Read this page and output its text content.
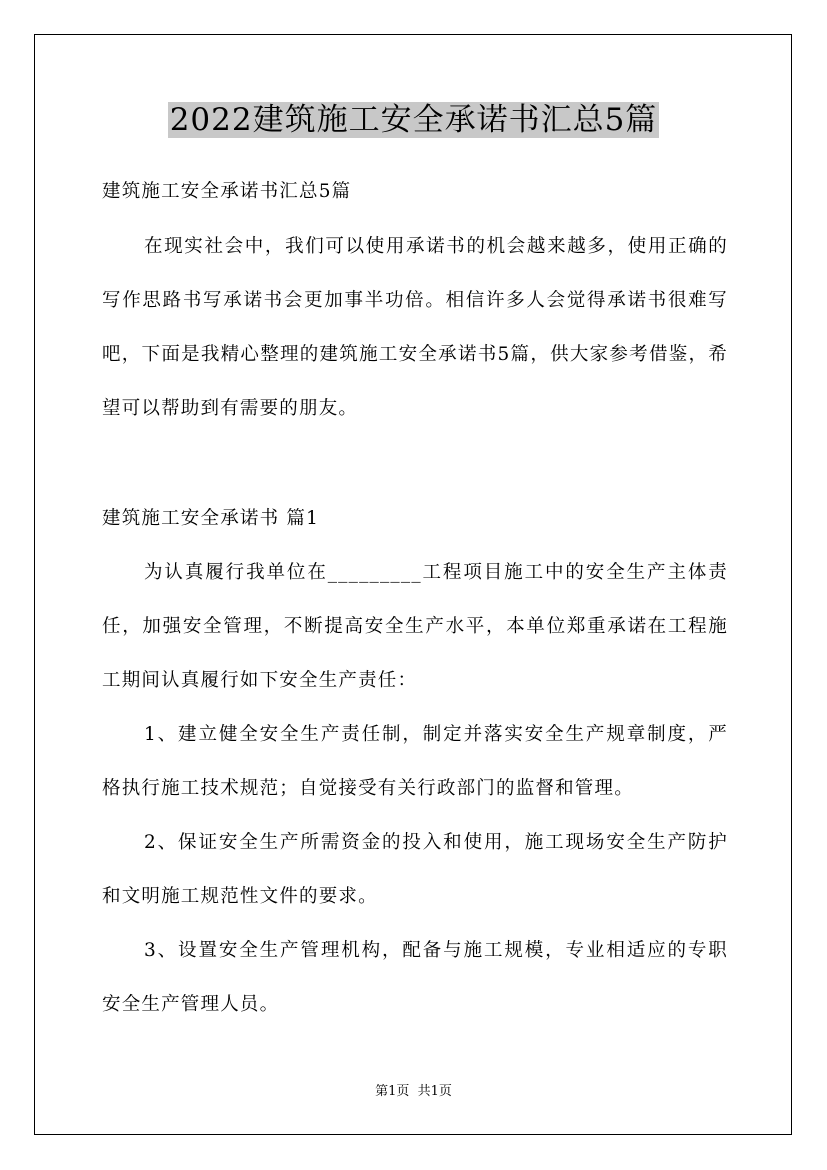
2022建筑施工安全承诺书汇总5篇
建筑施工安全承诺书汇总5篇
在现实社会中，我们可以使用承诺书的机会越来越多，使用正确的写作思路书写承诺书会更加事半功倍。相信许多人会觉得承诺书很难写吧，下面是我精心整理的建筑施工安全承诺书5篇，供大家参考借鉴，希望可以帮助到有需要的朋友。
建筑施工安全承诺书 篇1
为认真履行我单位在_________工程项目施工中的安全生产主体责任，加强安全管理，不断提高安全生产水平，本单位郑重承诺在工程施工期间认真履行如下安全生产责任：
1、建立健全安全生产责任制，制定并落实安全生产规章制度，严格执行施工技术规范；自觉接受有关行政部门的监督和管理。
2、保证安全生产所需资金的投入和使用，施工现场安全生产防护和文明施工规范性文件的要求。
3、设置安全生产管理机构，配备与施工规模，专业相适应的专职安全生产管理人员。
第1页 共1页
